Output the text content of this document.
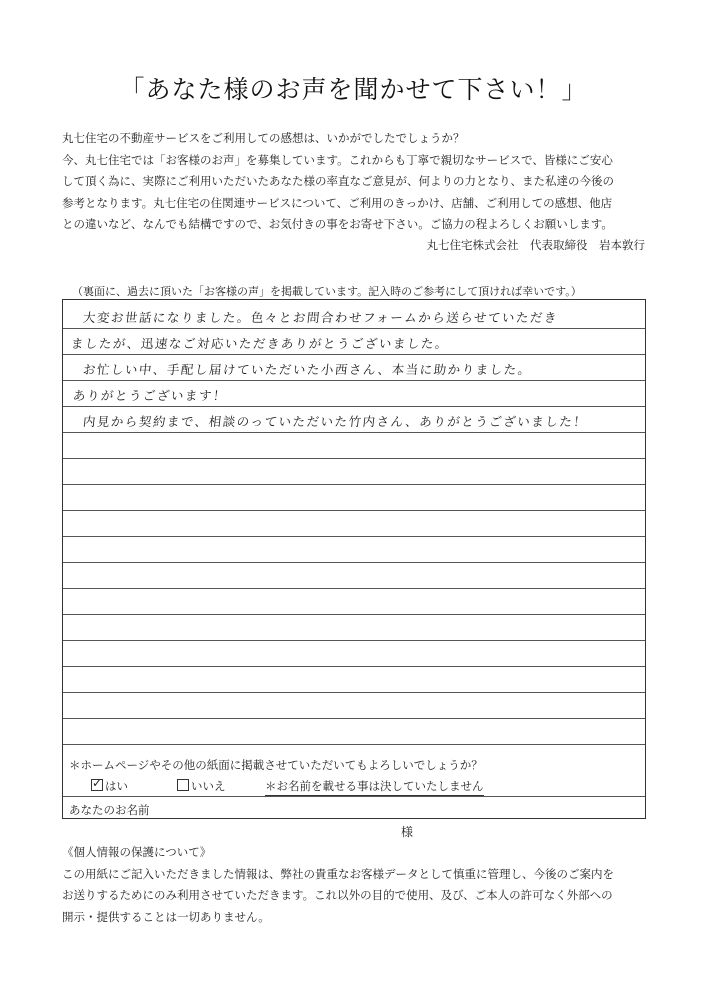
「あなた様のお声を聞かせて下さい！」

丸七住宅の不動産サービスをご利用しての感想は、いかがでしたでしょうか？

今、丸七住宅では「お客様のお声」を募集しています。これからも丁寧で親切なサービスで、皆様にご安心

して頂く為に、実際にご利用いただいたあなた様の率直なご意見が、何よりの力となり、また私達の今後の

参考となります。丸七住宅の住関連サービスについて、ご利用のきっかけ、店舗、ご利用しての感想、他店

との違いなど、なんでも結構ですので、お気付きの事をお寄せ下さい。ご協力の程よろしくお願いします。

丸七住宅株式会社　代表取締役　岩本敦行
（裏面に、過去に頂いた「お客様の声」を掲載しています。記入時のご参考にして頂ければ幸いです。）
大変お世話になりました。色々とお問合わせフォームから送らせていただき
ましたが、迅速なご対応いただきありがとうございました。
お忙しい中、手配し届けていただいた小西さん、本当に助かりました。
ありがとうございます！
内見から契約まで、相談のっていただいた竹内さん、ありがとうございました！
＊ホームページやその他の紙面に掲載させていただいてもよろしいでしょうか？
✓ はい	いいえ	＊お名前を載せる事は決していたしません
あなたのお名前
様

《個人情報の保護について》

この用紙にご記入いただきました情報は、弊社の貴重なお客様データとして慎重に管理し、今後のご案内を

お送りするためにのみ利用させていただきます。これ以外の目的で使用、及び、ご本人の許可なく外部への

開示・提供することは一切ありません。
